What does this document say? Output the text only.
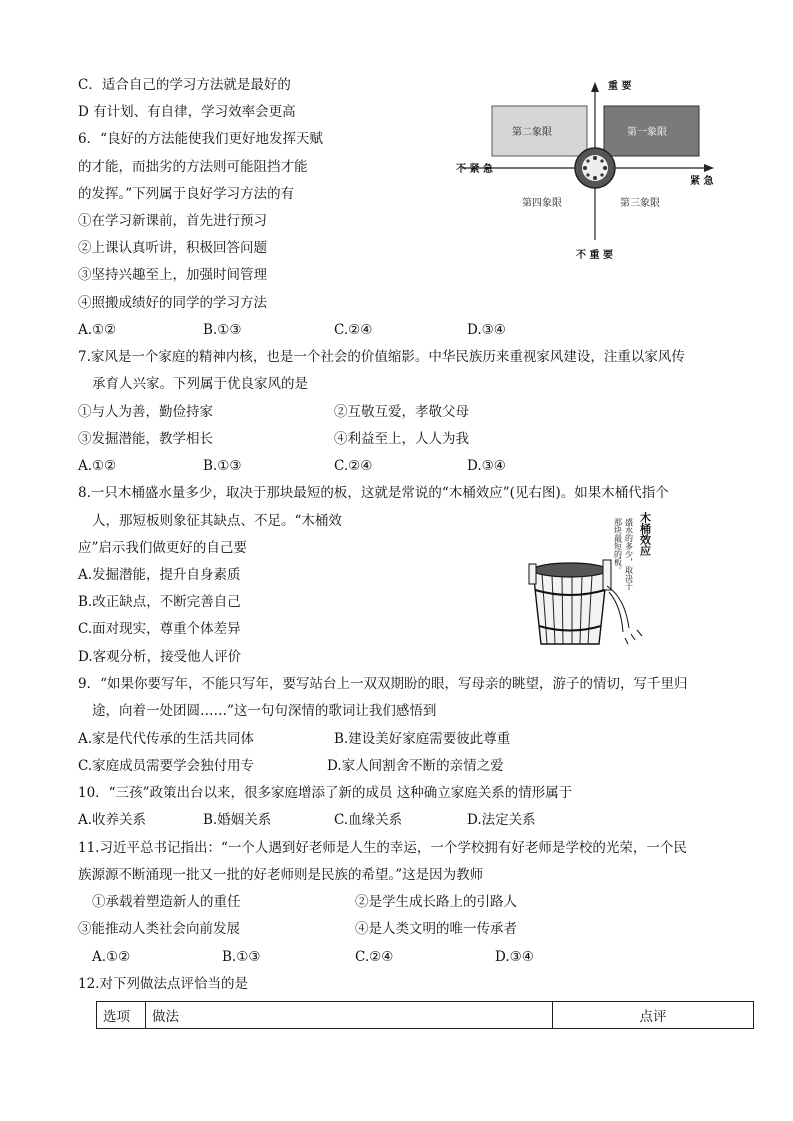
C．适合自己的学习方法就是最好的
D 有计划、有自律，学习效率会更高
6．“良好的方法能使我们更好地发挥天赋
的才能，而拙劣的方法则可能阻挡才能
的发挥。”下列属于良好学习方法的有
①在学习新课前，首先进行预习
②上课认真听讲，积极回答问题
③坚持兴趣至上，加强时间管理
④照搬成绩好的同学的学习方法
A.①②	B.①③	C.②④	D.③④
重 要
不 重 要
不 紧 急
紧 急
第二象限	第一象限
第四象限	第三象限
7.家风是一个家庭的精神内核，也是一个社会的价值缩影。中华民族历来重视家风建设，注重以家风传
承育人兴家。下列属于优良家风的是
①与人为善，勤俭持家	②互敬互爱，孝敬父母
③发掘潜能，教学相长	④利益至上，人人为我
A.①②	B.①③	C.②④	D.③④
8.一只木桶盛水量多少，取决于那块最短的板，这就是常说的“木桶效应”(见右图)。如果木桶代指个
人，那短板则象征其缺点、不足。“木桶效
应”启示我们做更好的自己要
A.发掘潜能，提升自身素质
B.改正缺点，不断完善自己
C.面对现实，尊重个体差异
D.客观分析，接受他人评价
木桶效应
盛水的多少，取决于
那块最短的板。
9．“如果你要写年，不能只写年，要写站台上一双双期盼的眼，写母亲的眺望，游子的情切，写千里归
途，向着一处团圆……”这一句句深情的歌词让我们感悟到
A.家是代代传承的生活共同体	B.建设美好家庭需要彼此尊重
C.家庭成员需要学会独付用专	D.家人间割舍不断的亲情之爱
10．“三孩”政策出台以来，很多家庭增添了新的成员 这种确立家庭关系的情形属于
A.收养关系	B.婚姻关系	C.血缘关系	D.法定关系
11.习近平总书记指出：“一个人遇到好老师是人生的幸运，一个学校拥有好老师是学校的光荣，一个民
族源源不断涌现一批又一批的好老师则是民族的希望。”这是因为教师
①承载着塑造新人的重任	②是学生成长路上的引路人
③能推动人类社会向前发展	④是人类文明的唯一传承者
A.①②	B.①③	C.②④	D.③④
12.对下列做法点评恰当的是
选项	做法	点评
